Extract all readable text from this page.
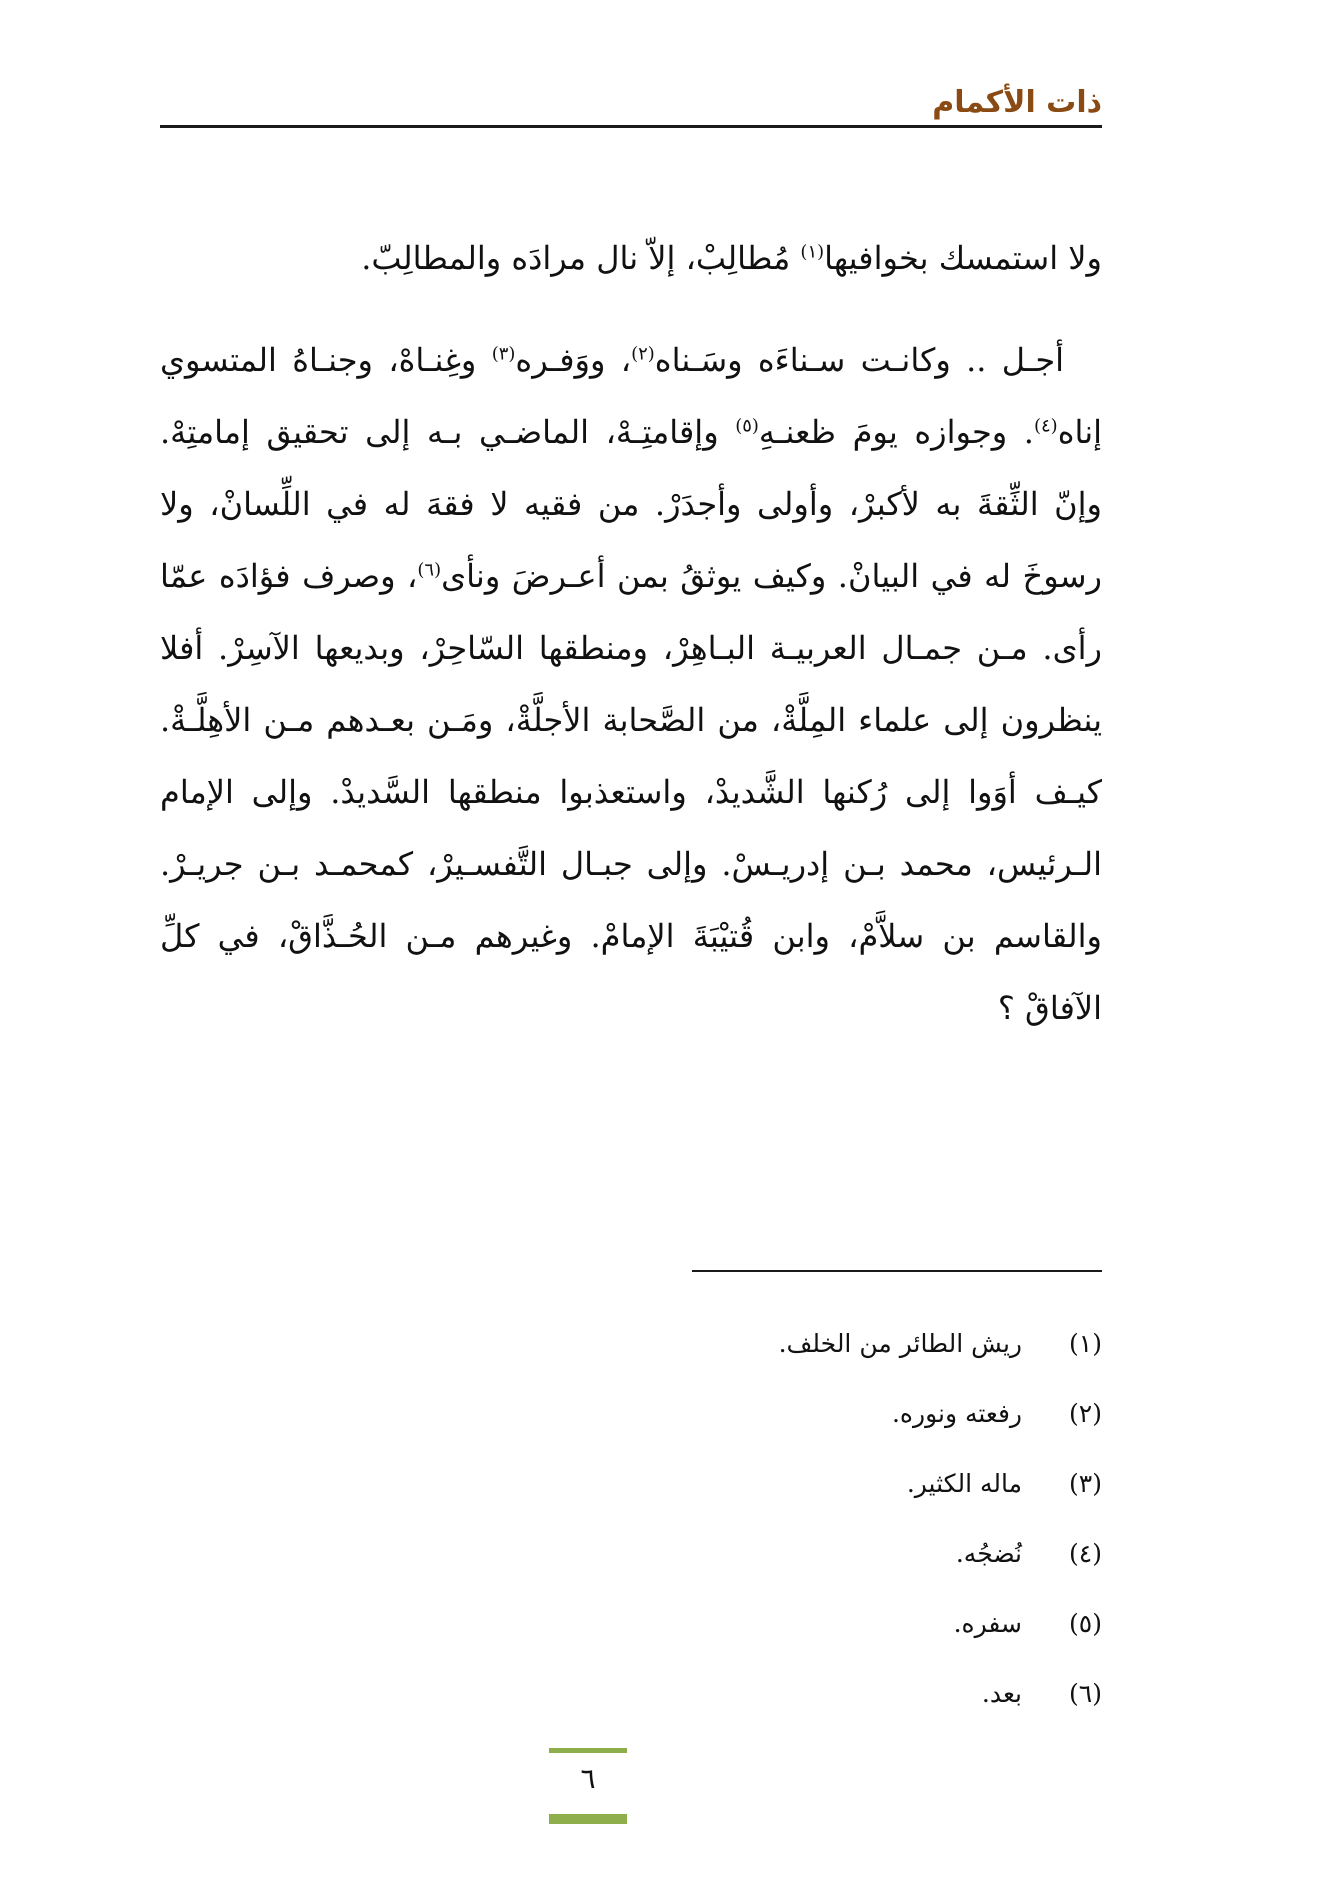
ذات الأكمام

ولا استمسك بخوافيها$^{(١)}$ مُطالِبْ، إلاّ نال مرادَه والمطالِبّ.

أجـل .. وكانـت سـناءَه وسَـناه$^{(٢)}$، ووَفـره$^{(٣)}$ وغِنـاهْ، وجنـاهُ المتسوي إناه$^{(٤)}$. وجوازه يومَ ظعنـهِ$^{(٥)}$ وإقامتِـهْ، الماضـي بـه إلى تحقيق إمامتِهْ. وإنّ الثِّقةَ به لأكبرْ، وأولى وأجدَرْ. من فقيه لا فقهَ له في اللِّسانْ، ولا رسوخَ له في البيانْ. وكيف يوثقُ بمن أعـرضَ ونأى$^{(٦)}$، وصرف فؤادَه عمّا رأى. مـن جمـال العربيـة البـاهِرْ، ومنطقها السّاحِرْ، وبديعها الآسِرْ. أفلا ينظرون إلى علماء المِلَّةْ، من الصَّحابة الأجلَّةْ، ومَـن بعـدهم مـن الأهِلَّـةْ. كيـف أوَوا إلى رُكنها الشَّديدْ، واستعذبوا منطقها السَّديدْ. وإلى الإمام الـرئيس، محمد بـن إدريـسْ. وإلى جبـال التَّفسـيرْ، كمحمـد بـن جريـرْ. والقاسم بن سلاَّمْ، وابن قُتيْبَةَ الإمامْ. وغيرهم مـن الحُـذَّاقْ، في كلِّ الآفاقْ ؟

(١)
ريش الطائر من الخلف.
(٢)
رفعته ونوره.
(٣)
ماله الكثير.
(٤)
نُضجُه.
(٥)
سفره.
(٦)
بعد.
٦
